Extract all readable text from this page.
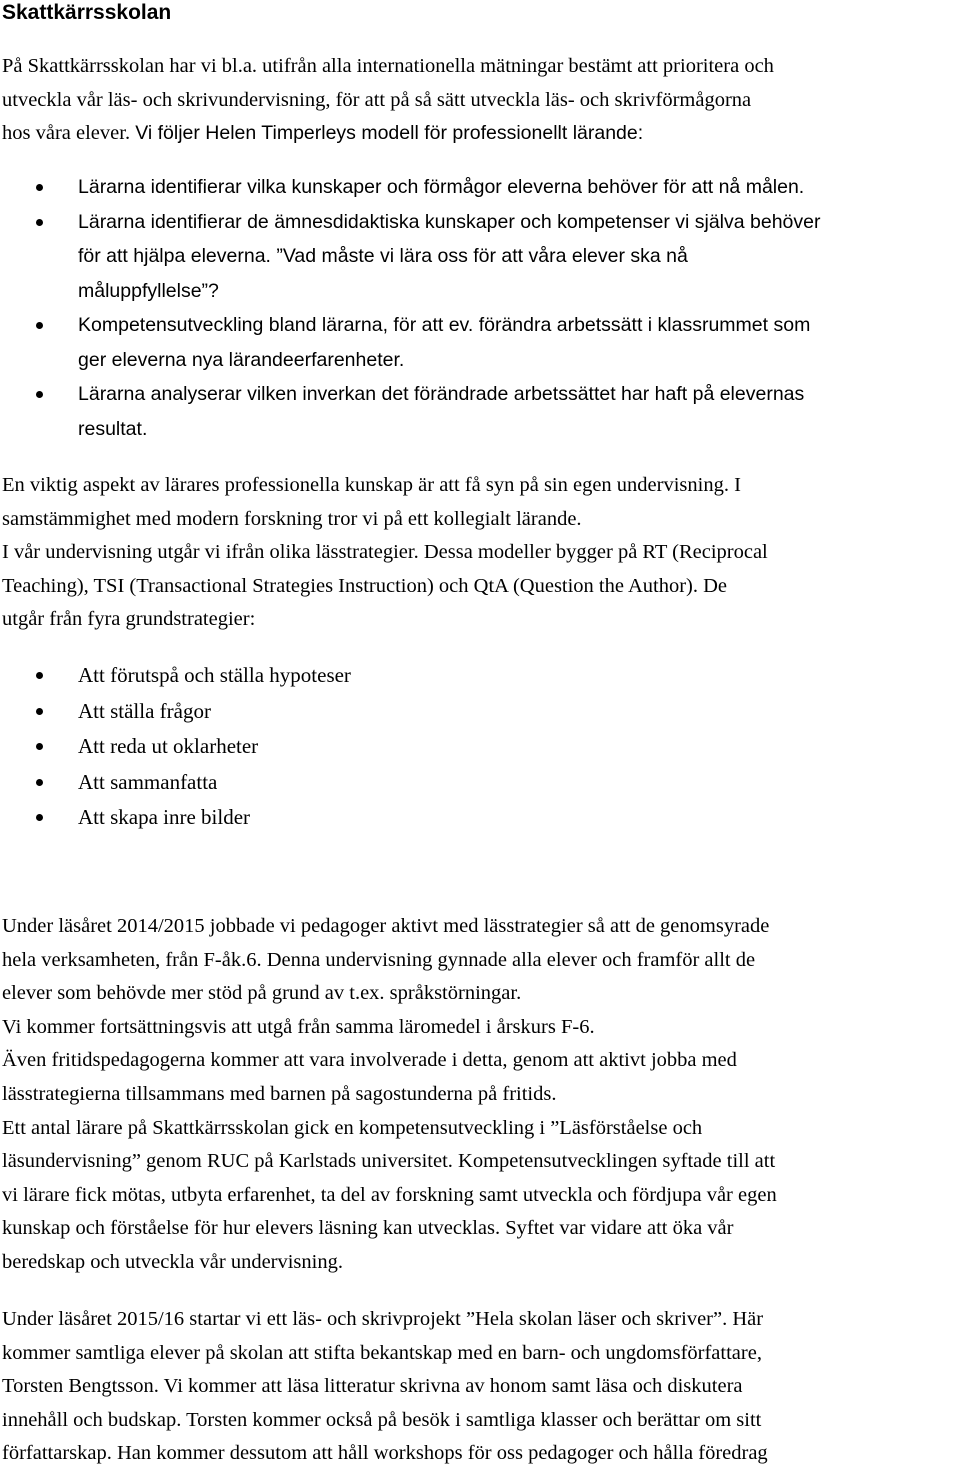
Skattkärrsskolan
På Skattkärrsskolan har vi bl.a. utifrån alla internationella mätningar bestämt att prioritera och
utveckla vår läs- och skrivundervisning, för att på så sätt utveckla läs- och skrivförmågorna
hos våra elever. Vi följer Helen Timperleys modell för professionellt lärande:
Lärarna identifierar vilka kunskaper och förmågor eleverna behöver för att nå målen.
Lärarna identifierar de ämnesdidaktiska kunskaper och kompetenser vi själva behöver
för att hjälpa eleverna. ”Vad måste vi lära oss för att våra elever ska nå
måluppfyllelse”?
Kompetensutveckling bland lärarna, för att ev. förändra arbetssätt i klassrummet som
ger eleverna nya lärandeerfarenheter.
Lärarna analyserar vilken inverkan det förändrade arbetssättet har haft på elevernas
resultat.
En viktig aspekt av lärares professionella kunskap är att få syn på sin egen undervisning. I
samstämmighet med modern forskning tror vi på ett kollegialt lärande.
I vår undervisning utgår vi ifrån olika lässtrategier. Dessa modeller bygger på RT (Reciprocal
Teaching), TSI (Transactional Strategies Instruction) och QtA (Question the Author). De
utgår från fyra grundstrategier:
Att förutspå och ställa hypoteser
Att ställa frågor
Att reda ut oklarheter
Att sammanfatta
Att skapa inre bilder
Under läsåret 2014/2015 jobbade vi pedagoger aktivt med lässtrategier så att de genomsyrade
hela verksamheten, från F-åk.6. Denna undervisning gynnade alla elever och framför allt de
elever som behövde mer stöd på grund av t.ex. språkstörningar.
Vi kommer fortsättningsvis att utgå från samma läromedel i årskurs F-6.
Även fritidspedagogerna kommer att vara involverade i detta, genom att aktivt jobba med
lässtrategierna tillsammans med barnen på sagostunderna på fritids.
Ett antal lärare på Skattkärrsskolan gick en kompetensutveckling i ”Läsförståelse och
läsundervisning” genom RUC på Karlstads universitet. Kompetensutvecklingen syftade till att
vi lärare fick mötas, utbyta erfarenhet, ta del av forskning samt utveckla och fördjupa vår egen
kunskap och förståelse för hur elevers läsning kan utvecklas. Syftet var vidare att öka vår
beredskap och utveckla vår undervisning.
Under läsåret 2015/16 startar vi ett läs- och skrivprojekt ”Hela skolan läser och skriver”. Här
kommer samtliga elever på skolan att stifta bekantskap med en barn- och ungdomsförfattare,
Torsten Bengtsson. Vi kommer att läsa litteratur skrivna av honom samt läsa och diskutera
innehåll och budskap. Torsten kommer också på besök i samtliga klasser och berättar om sitt
författarskap. Han kommer dessutom att håll workshops för oss pedagoger och hålla föredrag
